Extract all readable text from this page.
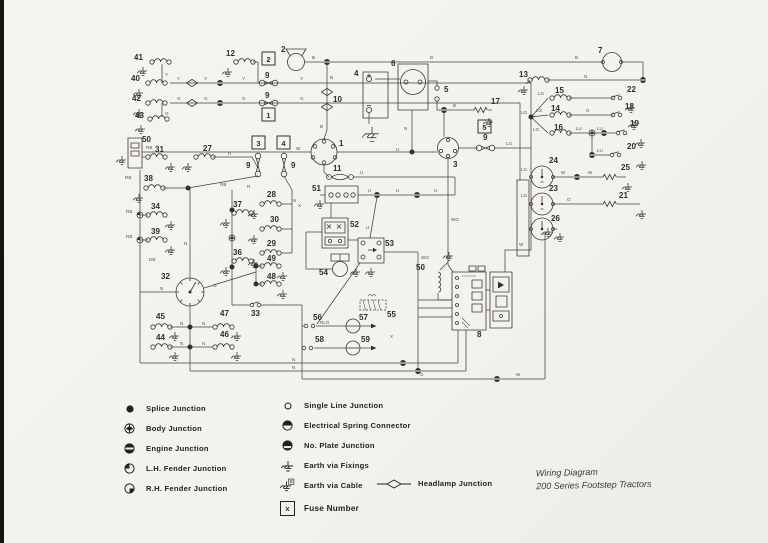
2
1
3	4
5
41
40
42
43
12	2
9
9	10
1
7
13
15	22
14	18
16	19
20
24
25
23
21
26
3
5
6
4
17
9
9	9
50
31	27
38
34
39
37
36
28
30
29
49
48
32
33
45
44
47
46
51
52
53
54
55
56	57
58	59
11
8
50
Y	Y	Y	Y
Y
G	G	G	G
G
B
B
B	B
B
B
N
N
N
N
N
N
N
N
N
N
N
W
W	W
W
W
U
U
U	U	U
U
LG
LG
LG
LG
LG
LG
LG
LU	LU
LU
RB
RB
RB
RB
RB
R
R
O
O
G
G
X
X
WG
WG
DB
RLG
Splice Junction
Body Junction
Engine Junction
L.H. Fender Junction
R.H. Fender Junction
Single Line Junction
Electrical Spring Connector
No. Plate Junction
Earth via Fixings
B Earth via Cable
x Fuse Number
Headlamp Junction
Wiring Diagram
200 Series Footstep Tractors
